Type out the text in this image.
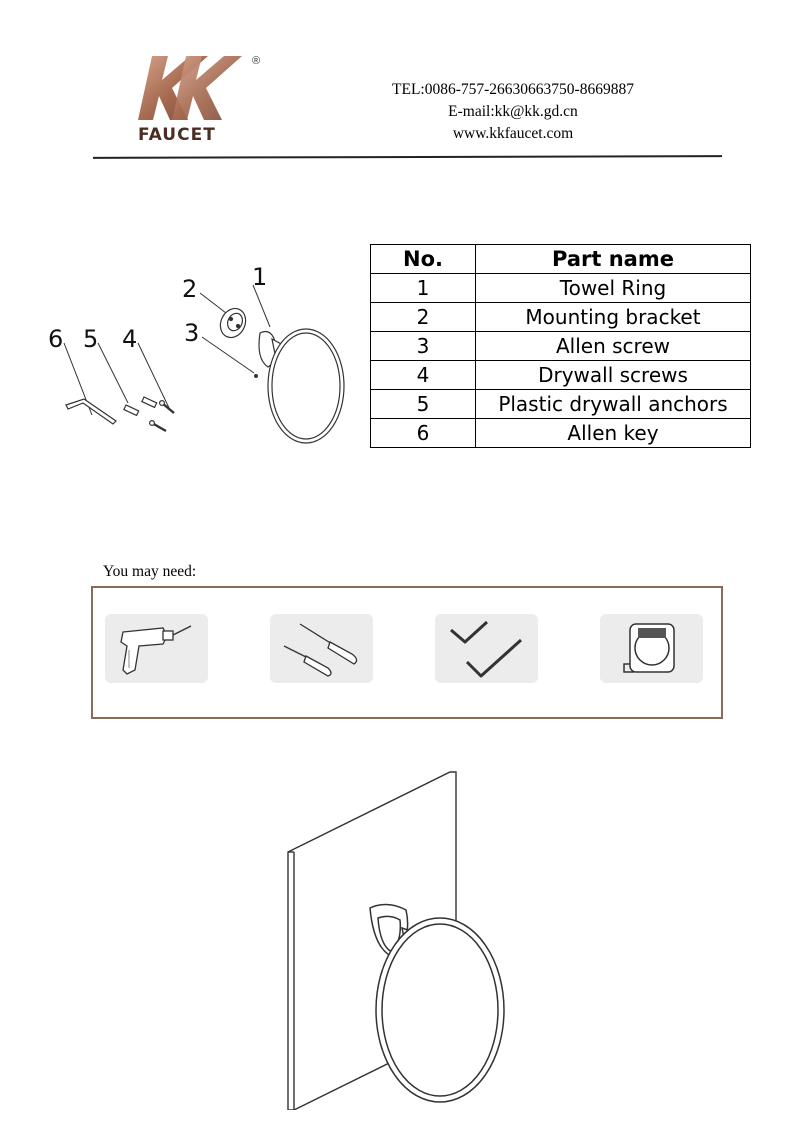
®
FAUCET
TEL:0086-757-26630663750-8669887
E-mail:kk@kk.gd.cn
www.kkfaucet.com
1
2
3
4
5
6
No.	Part name
1	Towel Ring
2	Mounting bracket
3	Allen screw
4	Drywall screws
5	Plastic drywall anchors
6	Allen key
You may need:
